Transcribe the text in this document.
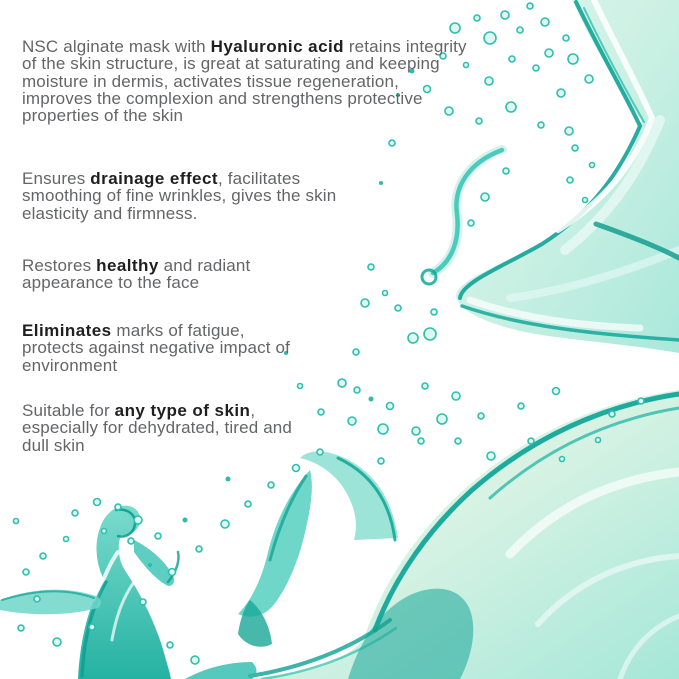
NSC alginate mask with Hyaluronic acid retains integrity of the skin structure, is great at saturating and keeping moisture in dermis, activates tissue regeneration, improves the complexion and strengthens protective properties of the skin

Ensures drainage effect, facilitates smoothing of fine wrinkles, gives the skin elasticity and firmness.

Restores healthy and radiant appearance to the face

Eliminates marks of fatigue, protects against negative impact of environment

Suitable for any type of skin, especially for dehydrated, tired and dull skin
